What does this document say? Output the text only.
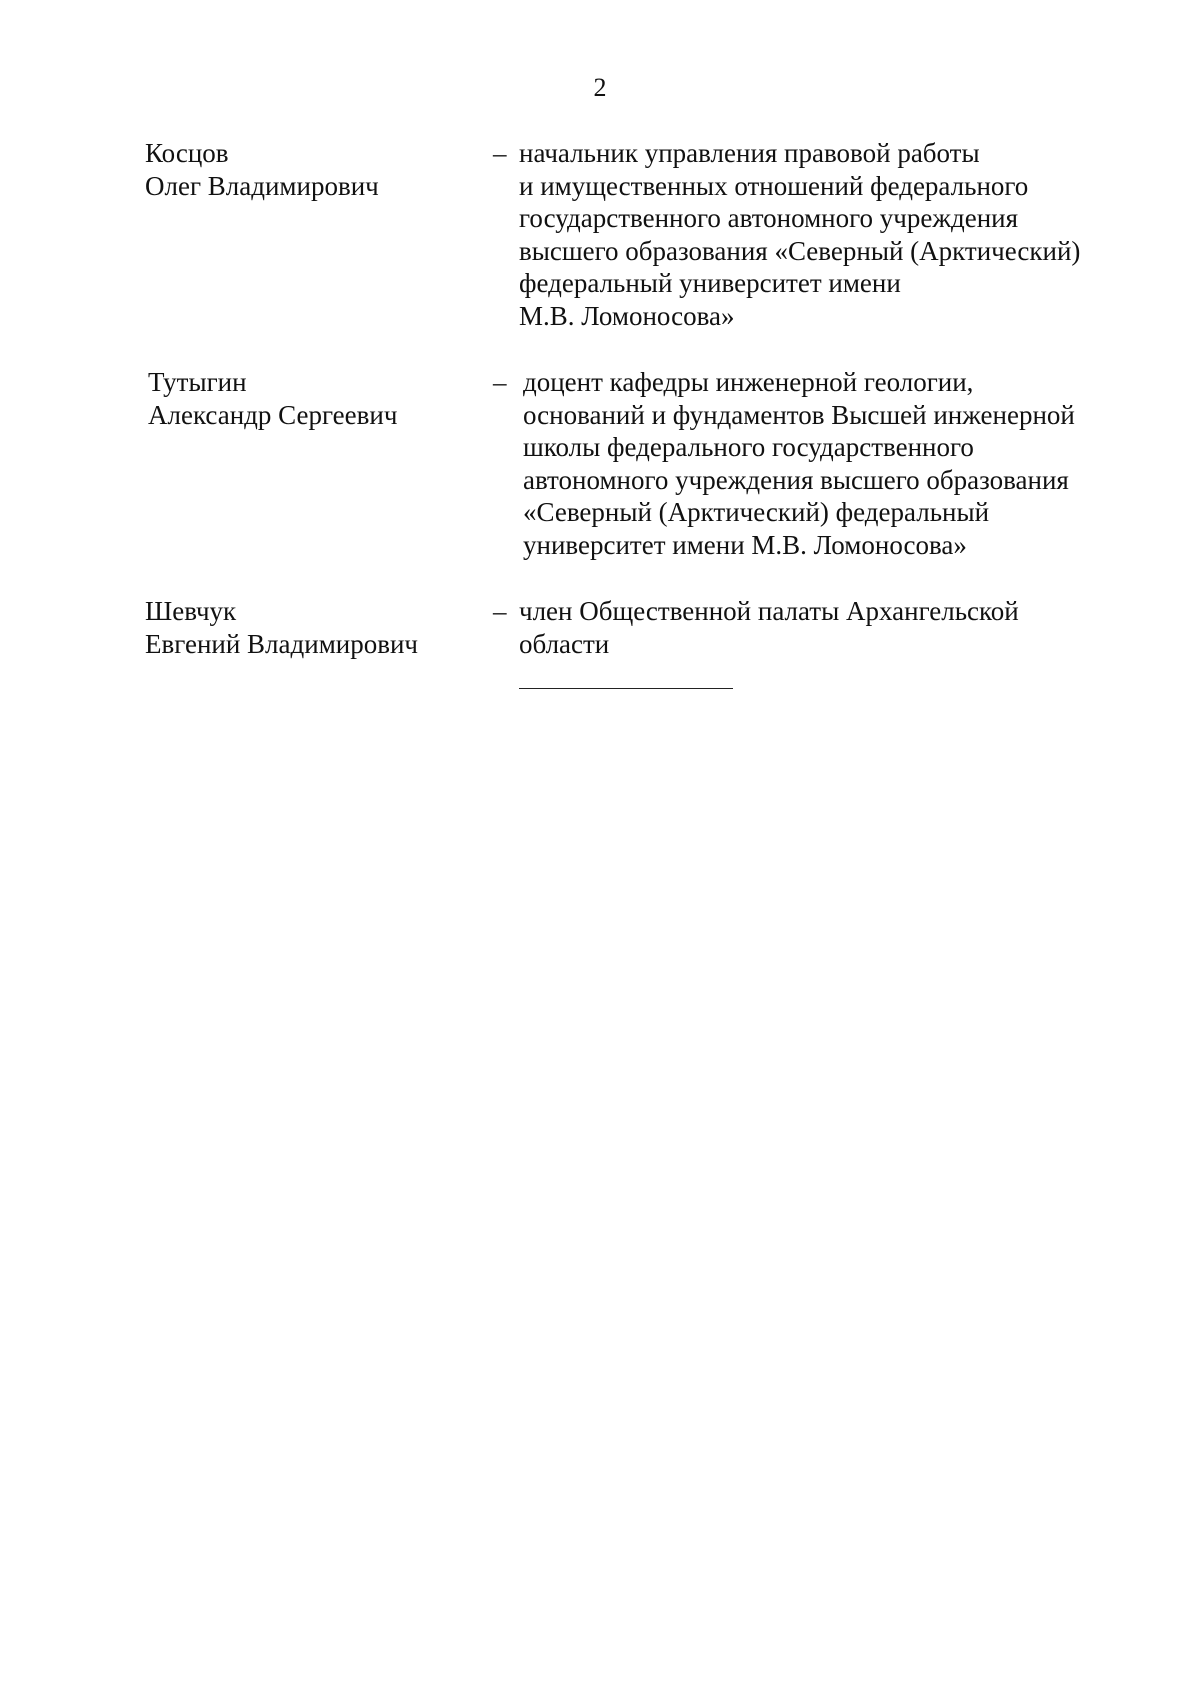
2
Косцов
Олег Владимирович
– начальник управления правовой работы
и имущественных отношений федерального
государственного автономного учреждения
высшего образования «Северный (Арктический)
федеральный университет имени
М.В. Ломоносова»
Тутыгин
Александр Сергеевич
– доцент кафедры инженерной геологии,
оснований и фундаментов Высшей инженерной
школы федерального государственного
автономного учреждения высшего образования
«Северный (Арктический) федеральный
университет имени М.В. Ломоносова»
Шевчук
Евгений Владимирович
– член Общественной палаты Архангельской
области
